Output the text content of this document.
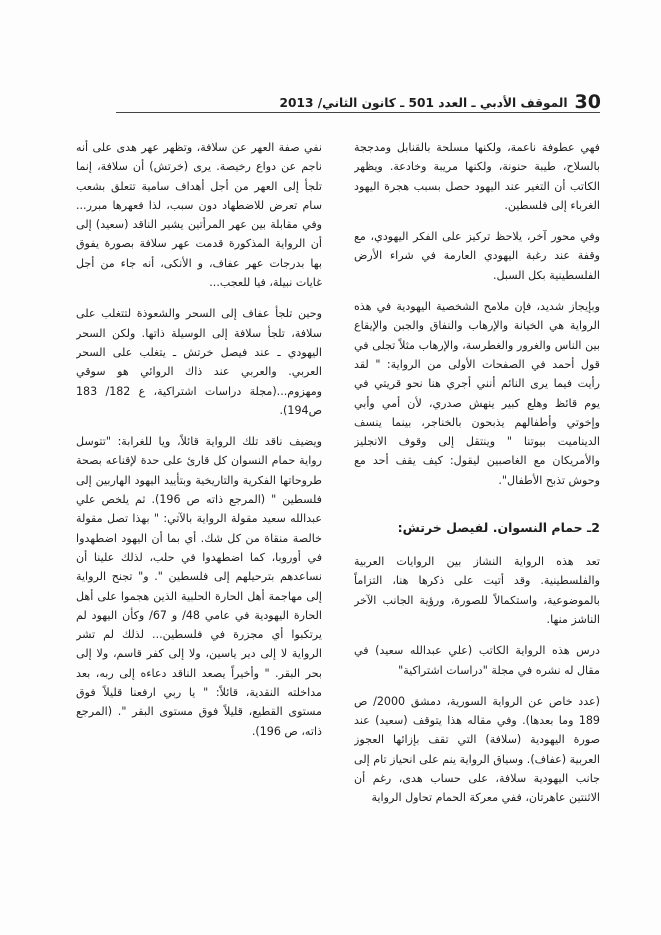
الموقف الأدبي ـ العدد 501 ـ كانون الثاني/ 2013 30

فهي عطوفة ناعمة، ولكنها مسلحة بالقنابل ومدججة بالسلاح، طيبة حنونة، ولكنها مريبة وخادعة. ويظهر الكاتب أن التغير عند اليهود حصل بسبب هجرة اليهود الغرباء إلى فلسطين.

وفي محور آخر، يلاحظ تركيز على الفكر اليهودي، مع وقفة عند رغبة اليهودي العارمة في شراء الأرض الفلسطينية بكل السبل.

وبإيجاز شديد، فإن ملامح الشخصية اليهودية في هذه الرواية هي الخيانة والإرهاب والنفاق والجبن والإيقاع بين الناس والغرور والغطرسة، والإرهاب مثلاً تجلى في قول أحمد في الصفحات الأولى من الرواية: " لقد رأيت فيما يرى النائم أنني أجري هنا نحو قريتي في يوم قائظ وهلع كبير ينهش صدري، لأن أمي وأبي وإخوتي وأطفالهم يذبحون بالخناجر، بينما ينسف الديناميت بيوتنا " وينتقل إلى وقوف الانجليز والأمريكان مع الغاصبين ليقول: كيف يقف أحد مع وحوش تذبح الأطفال".

2ـ حمام النسوان. لفيصل خرتش:

تعد هذه الرواية النشاز بين الروايات العربية والفلسطينية. وقد أتيت على ذكرها هنا، التزاماً بالموضوعية، واستكمالاً للصورة، ورؤية الجانب الآخر الناشز منها.

درس هذه الرواية الكاتب (علي عبدالله سعيد) في مقال له نشره في مجلة "دراسات اشتراكية"

(عدد خاص عن الرواية السورية، دمشق 2000/ ص 189 وما بعدها). وفي مقاله هذا يتوقف (سعيد) عند صورة اليهودية (سلافة) التي تقف بإزائها العجوز العربية (عفاف). وسياق الرواية ينم على انحياز تام إلى جانب اليهودية سلافة، على حساب هدى، رغم أن الاثنتين عاهرتان، ففي معركة الحمام تحاول الرواية

نفي صفة العهر عن سلافة، وتظهر عهر هدى على أنه ناجم عن دواع رخيصة. يرى (خرتش) أن سلافة، إنما تلجأ إلى العهر من أجل أهداف سامية تتعلق بشعب سام تعرض للاضطهاد دون سبب، لذا فعهرها مبرر... وفي مقابلة بين عهر المرأتين يشير الناقد (سعيد) إلى أن الرواية المذكورة قدمت عهر سلافة بصورة يفوق بها بدرجات عهر عفاف، و الأنكى، أنه جاء من أجل غايات نبيلة، فيا للعجب...

وحين تلجأ عفاف إلى السحر والشعوذة لتتغلب على سلافة، تلجأ سلافة إلى الوسيلة ذاتها. ولكن السحر اليهودي ـ عند فيصل خرتش ـ يتغلب على السحر العربي. والعربي عند ذاك الروائي هو سوقي ومهزوم...(مجلة دراسات اشتراكية، ع 182/ 183 ص194).

ويضيف ناقد تلك الرواية قائلاً، ويا للغرابة: "تتوسل رواية حمام النسوان كل قارئ على حدة لإقناعه بصحة طروحاتها الفكرية والتاريخية وبتأييد اليهود الهاربين إلى فلسطين " (المرجع ذاته ص 196). ثم يلخص علي عبدالله سعيد مقولة الرواية بالآتي: " بهذا تصل مقولة خالصة منقاة من كل شك. أي بما أن اليهود اضطهدوا في أوروبا، كما اضطهدوا في حلب، لذلك علينا أن نساعدهم بترحيلهم إلى فلسطين ". و" تجنح الرواية إلى مهاجمة أهل الحارة الحلبية الذين هجموا على أهل الحارة اليهودية في عامي 48/ و 67/ وكأن اليهود لم يرتكبوا أي مجزرة في فلسطين... لذلك لم تشر الرواية لا إلى دير ياسين، ولا إلى كفر قاسم، ولا إلى بحر البقر. " وأخيراً يصعد الناقد دعاءه إلى ربه، بعد مداخلته النقدية، قائلاً: " يا ربي ارفعنا قليلاً فوق مستوى القطيع، قليلاً فوق مستوى البقر ". (المرجع ذاته، ص 196).
